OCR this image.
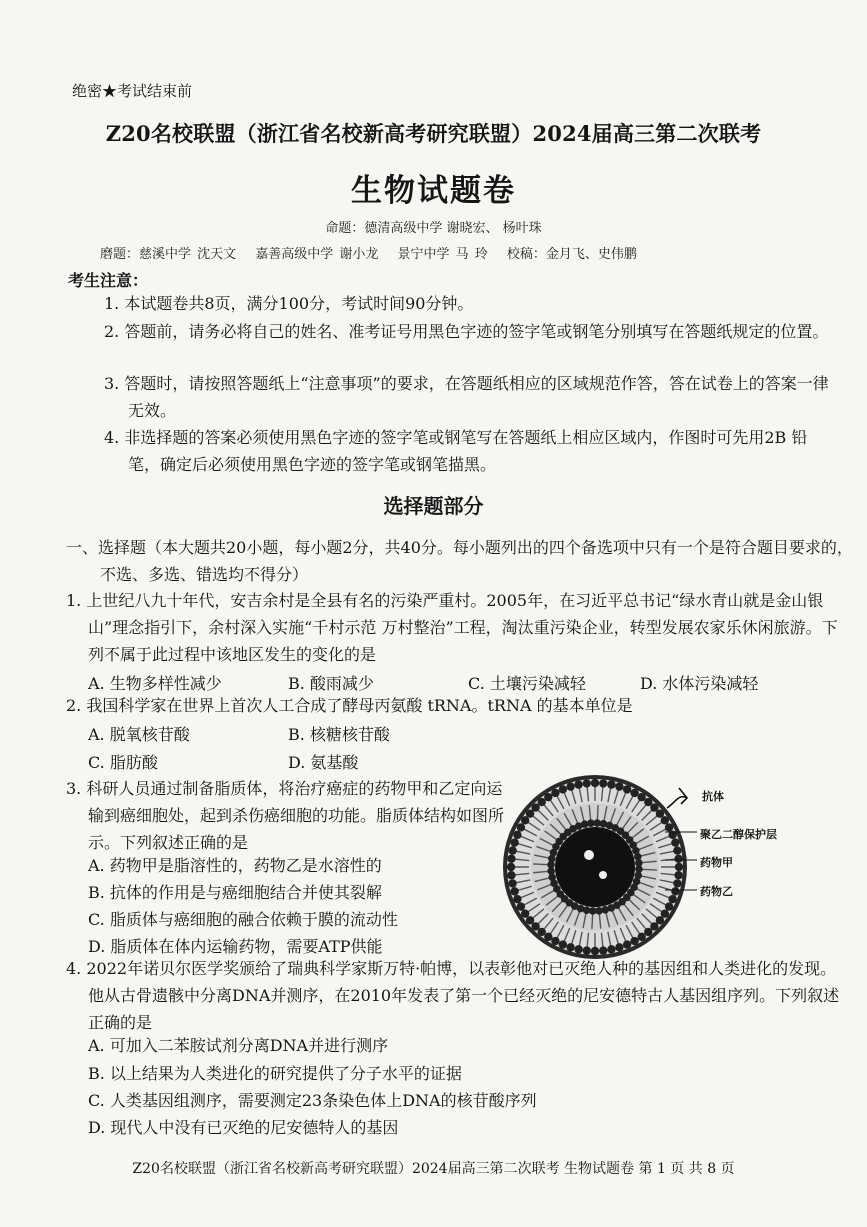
绝密★考试结束前
Z20名校联盟（浙江省名校新高考研究联盟）2024届高三第二次联考
生物试题卷
命题：德清高级中学 谢晓宏、 杨叶珠
磨题：慈溪中学 沈天文　 嘉善高级中学 谢小龙　 景宁中学 马 玲　 校稿：金月飞、史伟鹏
考生注意：
1. 本试题卷共8页，满分100分，考试时间90分钟。
2. 答题前，请务必将自己的姓名、准考证号用黑色字迹的签字笔或钢笔分别填写在答题纸规定的位置。
3. 答题时，请按照答题纸上“注意事项”的要求，在答题纸相应的区域规范作答，答在试卷上的答案一律无效。
4. 非选择题的答案必须使用黑色字迹的签字笔或钢笔写在答题纸上相应区域内，作图时可先用2B 铅笔，确定后必须使用黑色字迹的签字笔或钢笔描黑。
选择题部分
一、选择题（本大题共20小题，每小题2分，共40分。每小题列出的四个备选项中只有一个是符合题目要求的，不选、多选、错选均不得分）
1. 上世纪八九十年代，安吉余村是全县有名的污染严重村。2005年，在习近平总书记“绿水青山就是金山银山”理念指引下，余村深入实施“千村示范 万村整治”工程，淘汰重污染企业，转型发展农家乐休闲旅游。下列不属于此过程中该地区发生的变化的是
A. 生物多样性减少	B. 酸雨减少	C. 土壤污染减轻	D. 水体污染减轻
2. 我国科学家在世界上首次人工合成了酵母丙氨酸 tRNA。tRNA 的基本单位是
A. 脱氧核苷酸	B. 核糖核苷酸
C. 脂肪酸	D. 氨基酸
3. 科研人员通过制备脂质体，将治疗癌症的药物甲和乙定向运输到癌细胞处，起到杀伤癌细胞的功能。脂质体结构如图所示。下列叙述正确的是
A. 药物甲是脂溶性的，药物乙是水溶性的
B. 抗体的作用是与癌细胞结合并使其裂解
C. 脂质体与癌细胞的融合依赖于膜的流动性
D. 脂质体在体内运输药物，需要ATP供能
抗体
聚乙二醇保护层
药物甲
药物乙
4. 2022年诺贝尔医学奖颁给了瑞典科学家斯万特·帕博，以表彰他对已灭绝人种的基因组和人类进化的发现。他从古骨遗骸中分离DNA并测序，在2010年发表了第一个已经灭绝的尼安德特古人基因组序列。下列叙述正确的是
A. 可加入二苯胺试剂分离DNA并进行测序
B. 以上结果为人类进化的研究提供了分子水平的证据
C. 人类基因组测序，需要测定23条染色体上DNA的核苷酸序列
D. 现代人中没有已灭绝的尼安德特人的基因
Z20名校联盟（浙江省名校新高考研究联盟）2024届高三第二次联考 生物试题卷 第 1 页 共 8 页
